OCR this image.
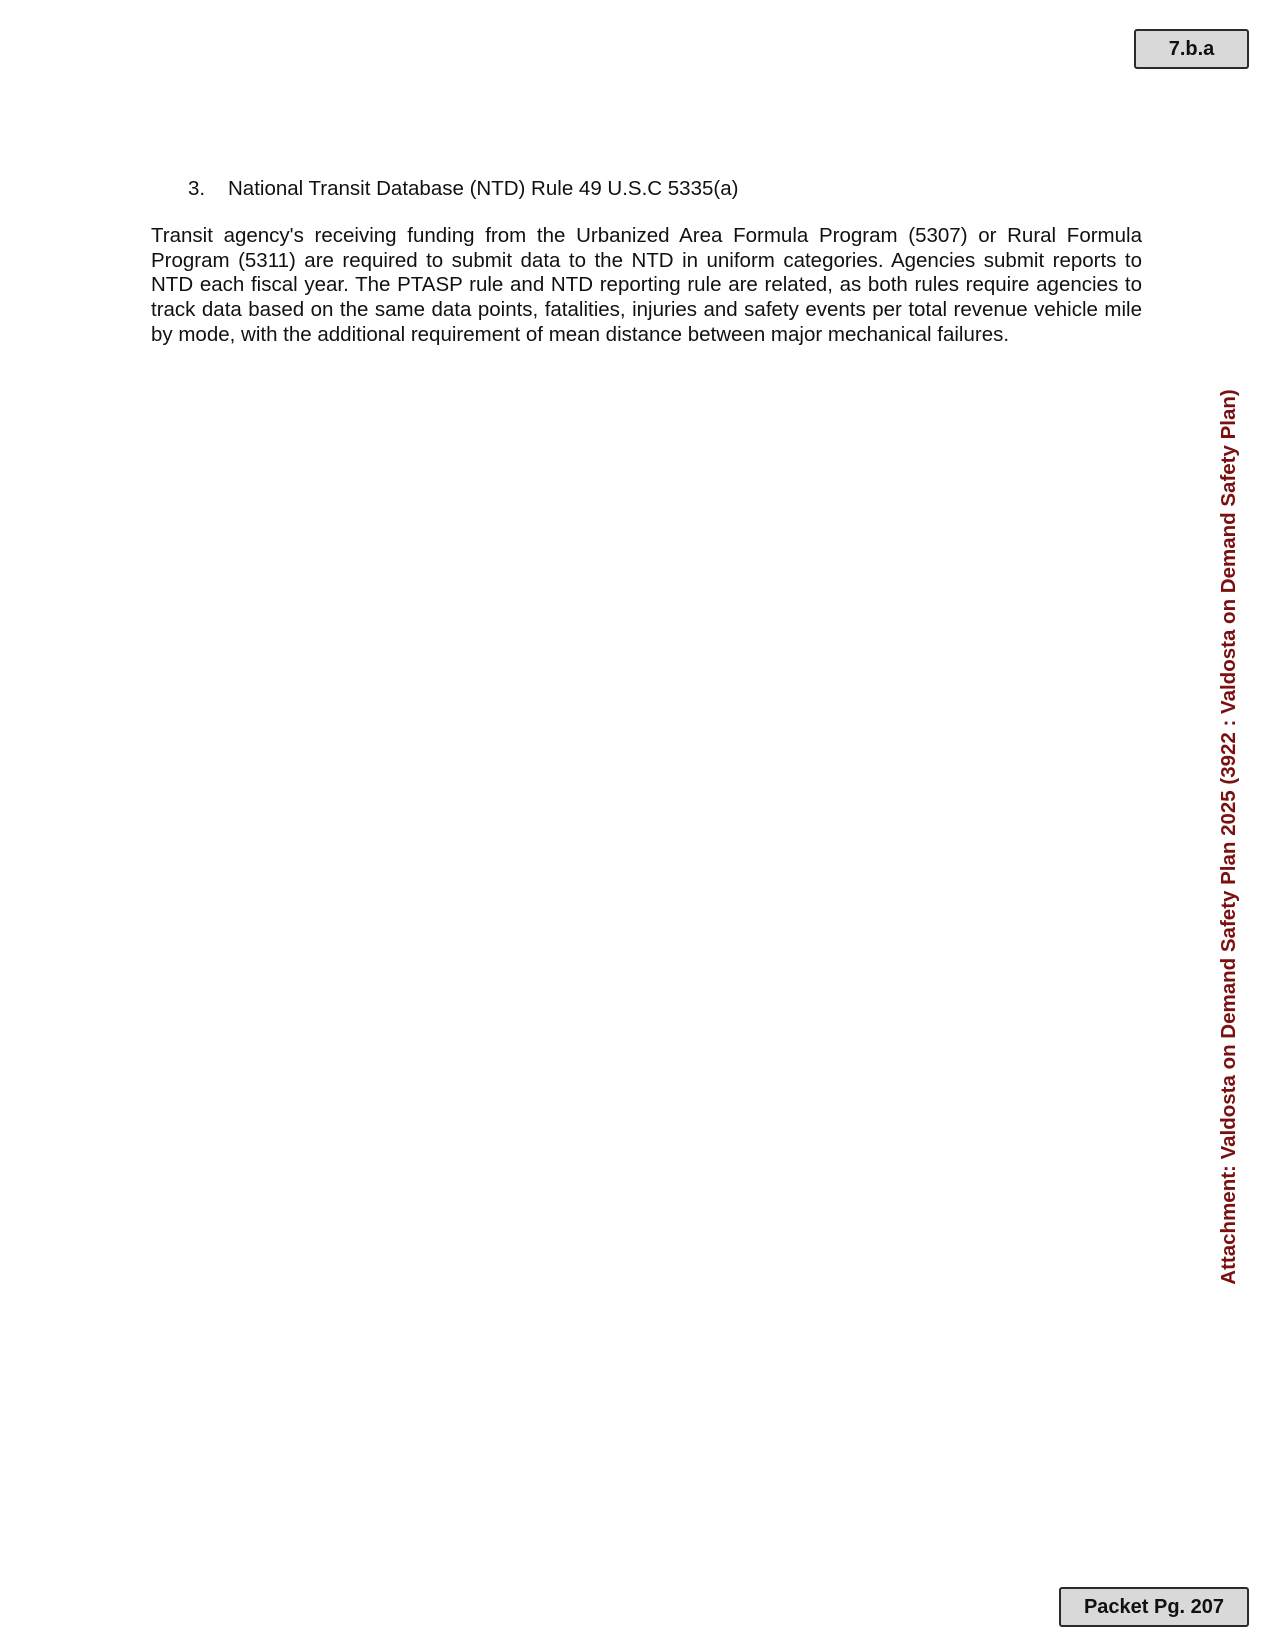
7.b.a
3. National Transit Database (NTD) Rule 49 U.S.C 5335(a)

Transit agency's receiving funding from the Urbanized Area Formula Program (5307) or Rural Formula Program (5311) are required to submit data to the NTD in uniform categories. Agencies submit reports to NTD each fiscal year. The PTASP rule and NTD reporting rule are related, as both rules require agencies to track data based on the same data points, fatalities, injuries and safety events per total revenue vehicle mile by mode, with the additional requirement of mean distance between major mechanical failures.

Attachment: Valdosta on Demand Safety Plan 2025 (3922 : Valdosta on Demand Safety Plan)
Packet Pg. 207
